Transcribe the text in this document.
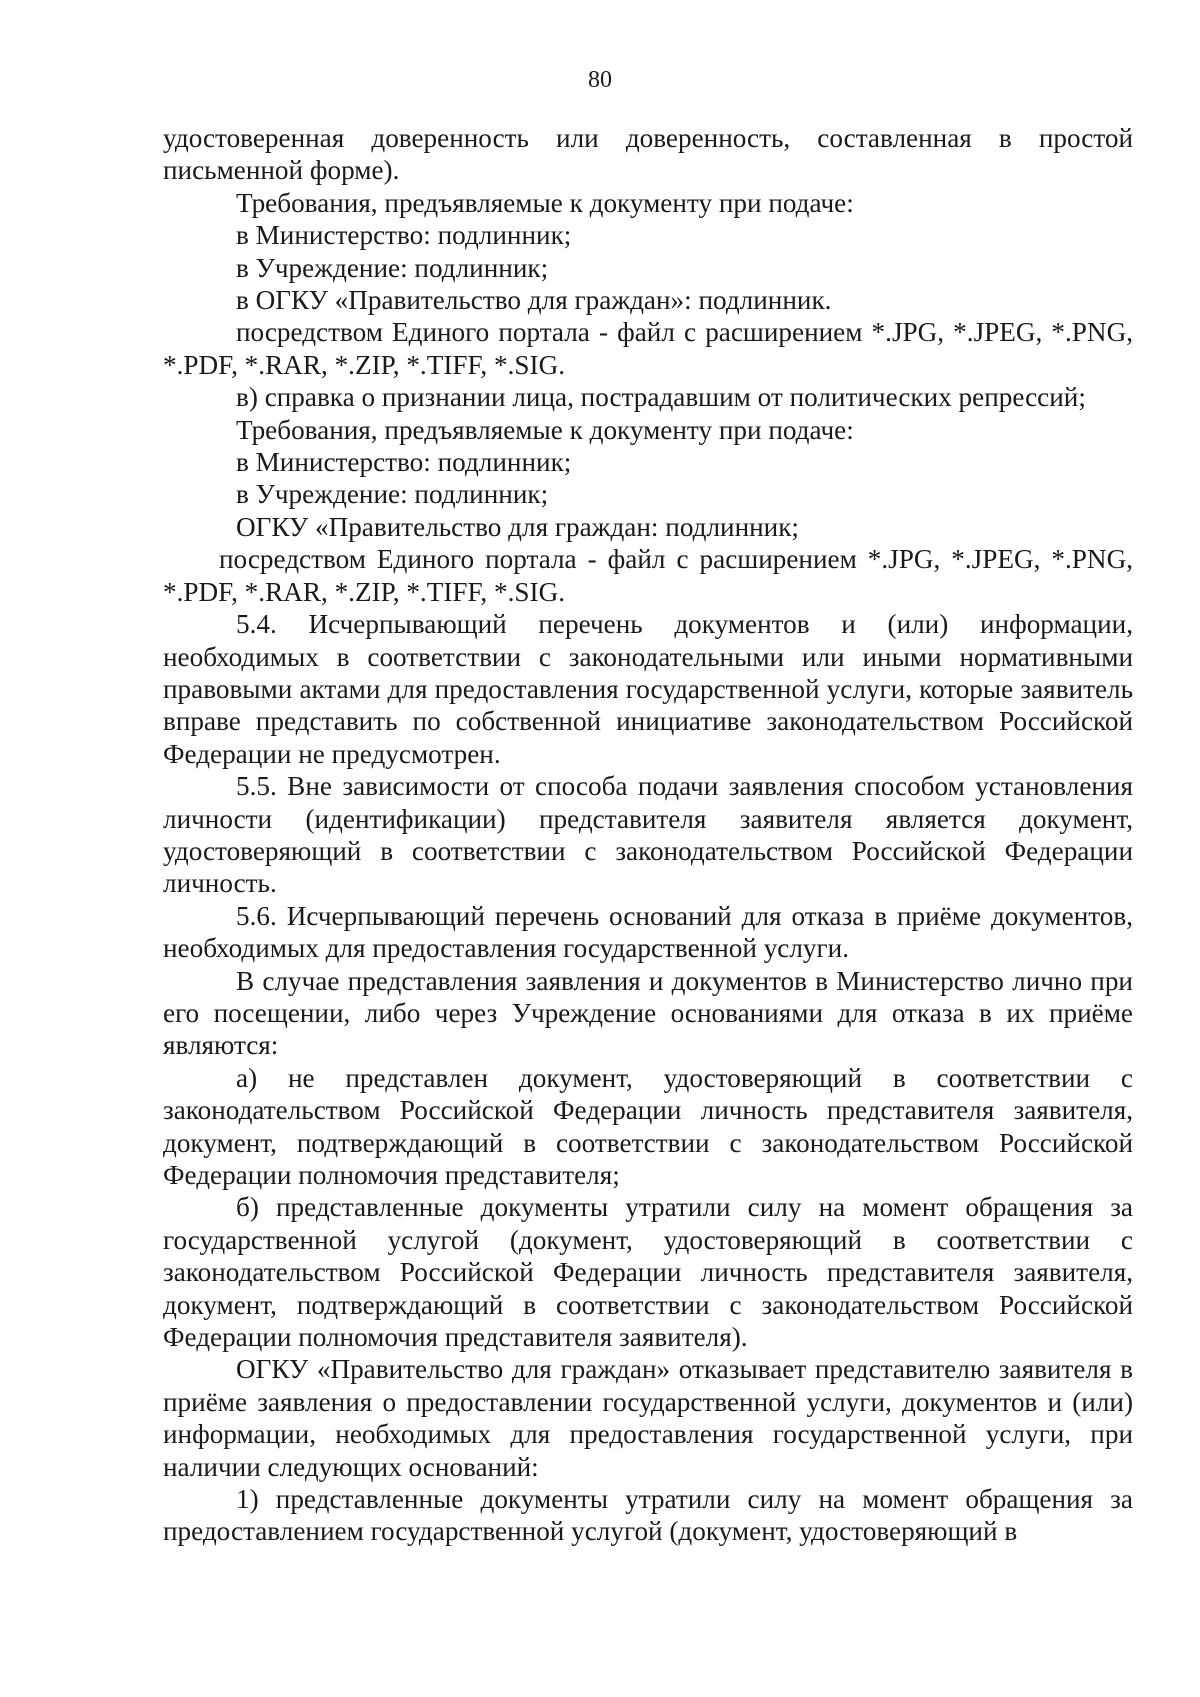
80

удостоверенная доверенность или доверенность, составленная в простой письменной форме).

Требования, предъявляемые к документу при подаче:

в Министерство: подлинник;

в Учреждение: подлинник;

в ОГКУ «Правительство для граждан»: подлинник.

посредством Единого портала - файл с расширением *.JPG, *.JPEG, *.PNG, *.PDF, *.RAR, *.ZIP, *.TIFF, *.SIG.

в) справка о признании лица, пострадавшим от политических репрессий;

Требования, предъявляемые к документу при подаче:

в Министерство: подлинник;

в Учреждение: подлинник;

ОГКУ «Правительство для граждан: подлинник;

посредством Единого портала - файл с расширением *.JPG, *.JPEG, *.PNG, *.PDF, *.RAR, *.ZIP, *.TIFF, *.SIG.

5.4. Исчерпывающий перечень документов и (или) информации, необходимых в соответствии с законодательными или иными нормативными правовыми актами для предоставления государственной услуги, которые заявитель вправе представить по собственной инициативе законодательством Российской Федерации не предусмотрен.

5.5. Вне зависимости от способа подачи заявления способом установления личности (идентификации) представителя заявителя является документ, удостоверяющий в соответствии с законодательством Российской Федерации личность.

5.6. Исчерпывающий перечень оснований для отказа в приёме документов, необходимых для предоставления государственной услуги.

В случае представления заявления и документов в Министерство лично при его посещении, либо через Учреждение основаниями для отказа в их приёме являются:

а) не представлен документ, удостоверяющий в соответствии с законодательством Российской Федерации личность представителя заявителя, документ, подтверждающий в соответствии с законодательством Российской Федерации полномочия представителя;

б) представленные документы утратили силу на момент обращения за государственной услугой (документ, удостоверяющий в соответствии с законодательством Российской Федерации личность представителя заявителя, документ, подтверждающий в соответствии с законодательством Российской Федерации полномочия представителя заявителя).

ОГКУ «Правительство для граждан» отказывает представителю заявителя в приёме заявления о предоставлении государственной услуги, документов и (или) информации, необходимых для предоставления государственной услуги, при наличии следующих оснований:

1) представленные документы утратили силу на момент обращения за предоставлением государственной услугой (документ, удостоверяющий в
